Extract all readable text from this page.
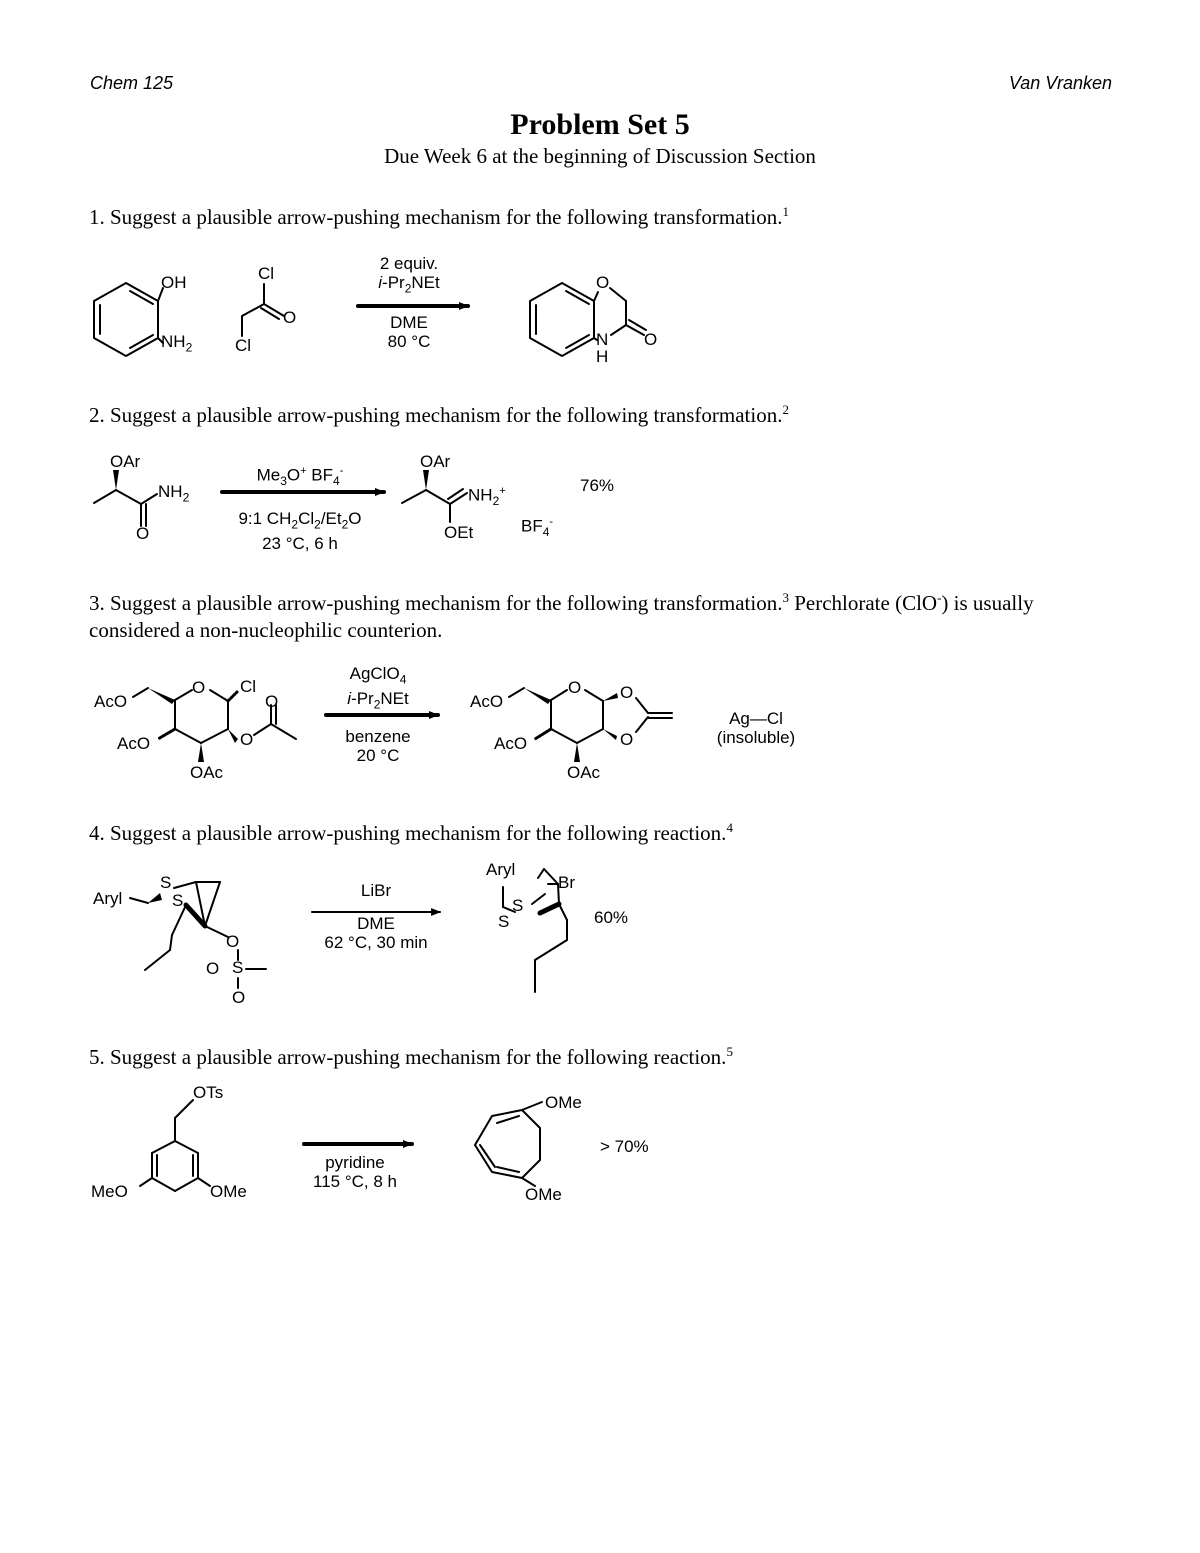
Chem 125	Van Vranken
Problem Set 5
Due Week 6 at the beginning of Discussion Section
1. Suggest a plausible arrow-pushing mechanism for the following transformation.$^1$
2. Suggest a plausible arrow-pushing mechanism for the following transformation.$^2$
3. Suggest a plausible arrow-pushing mechanism for the following transformation.$^3$ Perchlorate (ClO-) is usually considered a non-nucleophilic counterion.
4. Suggest a plausible arrow-pushing mechanism for the following reaction.$^4$
5. Suggest a plausible arrow-pushing mechanism for the following reaction.$^5$
OH
$NH_2$
Cl
O
Cl
O
N
H
O
2 equiv.
$i-Pr_2NEt$
DME
80 °C
OAr
$NH_2$
O
$Me_3O^+$ $BF_4^-$
9:1 $CH_2Cl_2/Et_2O$
23 °C, 6 h
OAr
$NH_2^+$
OEt	$BF_4^-$
76%
AcO
O Cl
O
AcO	O
OAc
AgClO$_4$
$i-Pr_2NEt$
benzene
20 °C
AcO
O O
O
AcO
OAc
Ag—Cl
(insoluble)
Aryl
S
S
O
S
O
O
LiBr
DME
62 °C, 30 min
Aryl
Br
S
S	60%
OTs
MeO	OMe
pyridine
115 °C, 8 h
OMe
OMe
> 70%
